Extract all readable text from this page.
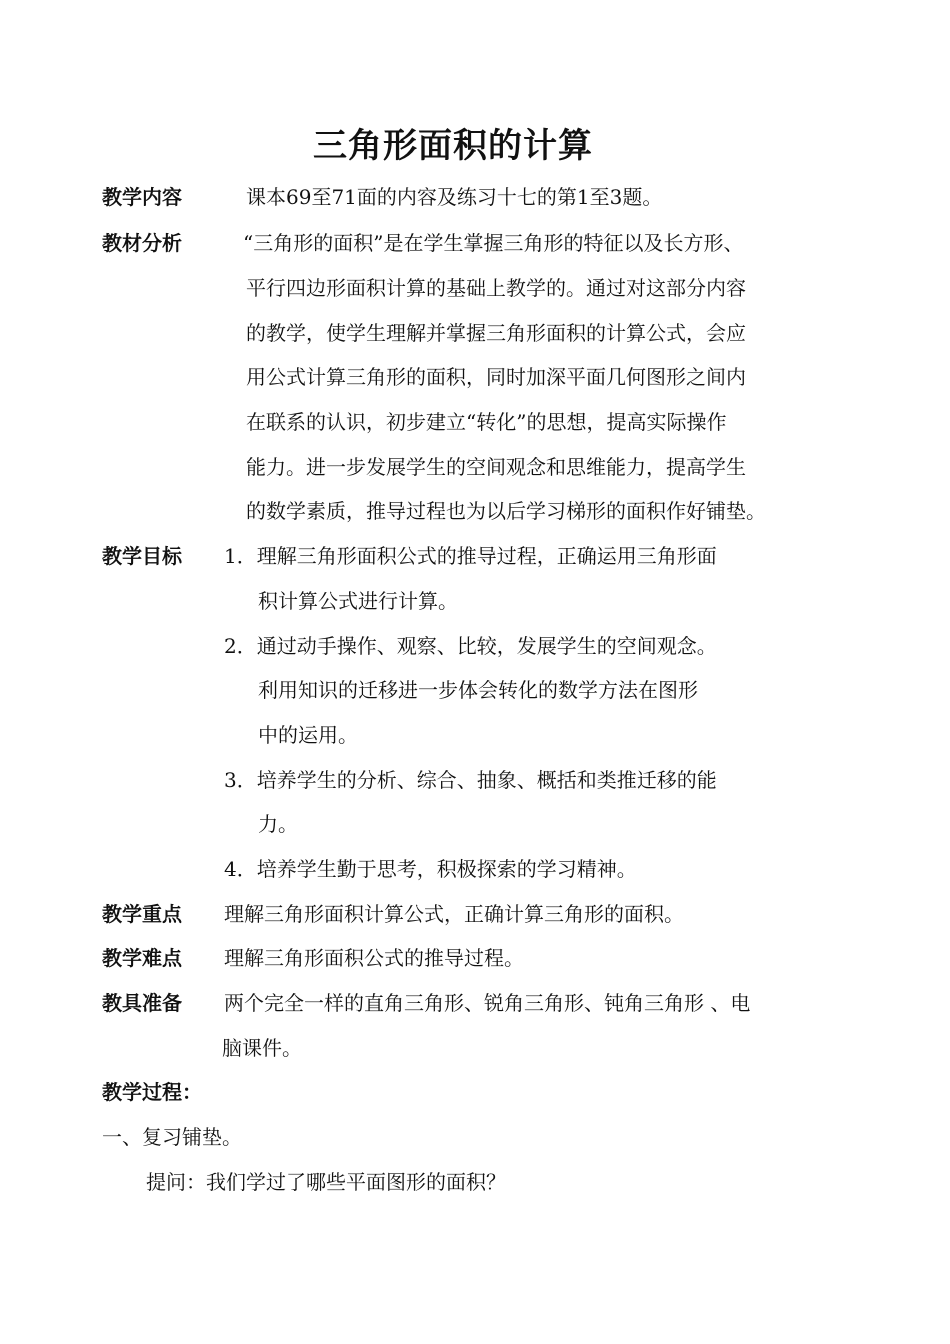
三角形面积的计算
教学内容	课本69至71面的内容及练习十七的第1至3题。
教材分析	“三角形的面积”是在学生掌握三角形的特征以及长方形、
平行四边形面积计算的基础上教学的。通过对这部分内容
的教学，使学生理解并掌握三角形面积的计算公式，会应
用公式计算三角形的面积，同时加深平面几何图形之间内
在联系的认识，初步建立“转化”的思想，提高实际操作
能力。进一步发展学生的空间观念和思维能力，提高学生
的数学素质，推导过程也为以后学习梯形的面积作好铺垫。
教学目标 1．理解三角形面积公式的推导过程，正确运用三角形面
积计算公式进行计算。
2．通过动手操作、观察、比较，发展学生的空间观念。
利用知识的迁移进一步体会转化的数学方法在图形
中的运用。
3．培养学生的分析、综合、抽象、概括和类推迁移的能
力。
4．培养学生勤于思考，积极探索的学习精神。
教学重点 理解三角形面积计算公式，正确计算三角形的面积。
教学难点 理解三角形面积公式的推导过程。
教具准备 两个完全一样的直角三角形、锐角三角形、钝角三角形 、电
脑课件。
教学过程：
一、复习铺垫。
提问：我们学过了哪些平面图形的面积？
